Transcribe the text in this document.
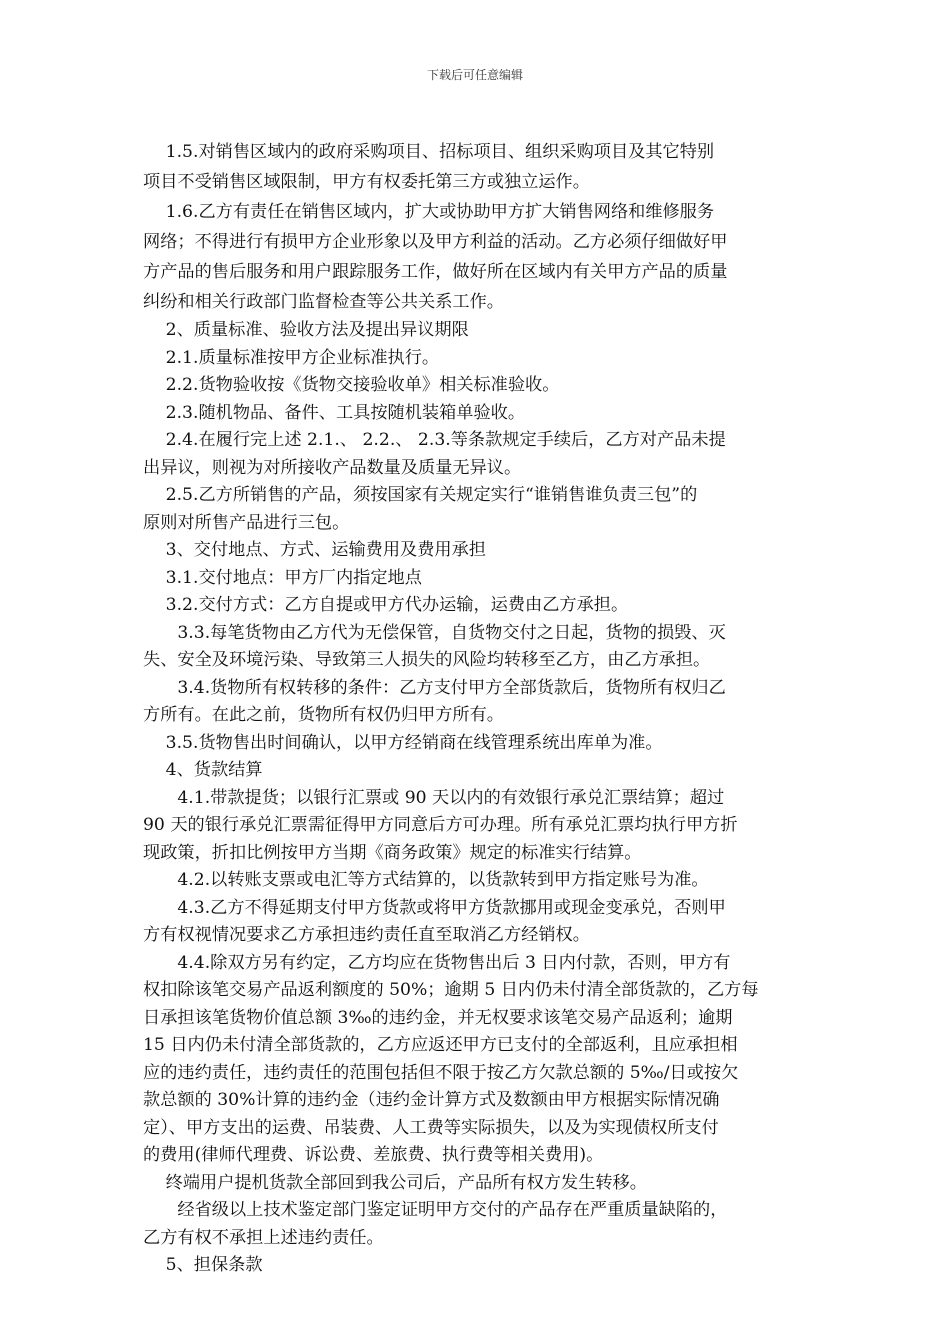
下载后可任意编辑
　 1.5.对销售区域内的政府采购项目、招标项目、组织采购项目及其它特别
项目不受销售区域限制，甲方有权委托第三方或独立运作。
　 1.6.乙方有责任在销售区域内，扩大或协助甲方扩大销售网络和维修服务
网络；不得进行有损甲方企业形象以及甲方利益的活动。乙方必须仔细做好甲
方产品的售后服务和用户跟踪服务工作，做好所在区域内有关甲方产品的质量
纠纷和相关行政部门监督检查等公共关系工作。
　 2、质量标准、验收方法及提出异议期限
　 2.1.质量标准按甲方企业标准执行。
　 2.2.货物验收按《货物交接验收单》相关标准验收。
　 2.3.随机物品、备件、工具按随机装箱单验收。
　 2.4.在履行完上述 2.1.、 2.2.、 2.3.等条款规定手续后，乙方对产品未提
出异议，则视为对所接收产品数量及质量无异议。
　 2.5.乙方所销售的产品，须按国家有关规定实行“谁销售谁负责三包”的
原则对所售产品进行三包。
　 3、交付地点、方式、运输费用及费用承担
　 3.1.交付地点：甲方厂内指定地点
　 3.2.交付方式：乙方自提或甲方代办运输，运费由乙方承担。
　　3.3.每笔货物由乙方代为无偿保管，自货物交付之日起，货物的损毁、灭
失、安全及环境污染、导致第三人损失的风险均转移至乙方，由乙方承担。
　　3.4.货物所有权转移的条件：乙方支付甲方全部货款后，货物所有权归乙
方所有。在此之前，货物所有权仍归甲方所有。
　 3.5.货物售出时间确认，以甲方经销商在线管理系统出库单为准。
　 4、货款结算
　　4.1.带款提货；以银行汇票或 90 天以内的有效银行承兑汇票结算；超过
90 天的银行承兑汇票需征得甲方同意后方可办理。所有承兑汇票均执行甲方折
现政策，折扣比例按甲方当期《商务政策》规定的标准实行结算。
　　4.2.以转账支票或电汇等方式结算的，以货款转到甲方指定账号为准。
　　4.3.乙方不得延期支付甲方货款或将甲方货款挪用或现金变承兑，否则甲
方有权视情况要求乙方承担违约责任直至取消乙方经销权。
　　4.4.除双方另有约定，乙方均应在货物售出后 3 日内付款，否则，甲方有
权扣除该笔交易产品返利额度的 50%；逾期 5 日内仍未付清全部货款的，乙方每
日承担该笔货物价值总额 3‰的违约金，并无权要求该笔交易产品返利；逾期
15 日内仍未付清全部货款的，乙方应返还甲方已支付的全部返利，且应承担相
应的违约责任，违约责任的范围包括但不限于按乙方欠款总额的 5‰/日或按欠
款总额的 30%计算的违约金（违约金计算方式及数额由甲方根据实际情况确
定）、甲方支出的运费、吊装费、人工费等实际损失，以及为实现债权所支付
的费用(律师代理费、诉讼费、差旅费、执行费等相关费用)。
　 终端用户提机货款全部回到我公司后，产品所有权方发生转移。
　　经省级以上技术鉴定部门鉴定证明甲方交付的产品存在严重质量缺陷的，
乙方有权不承担上述违约责任。
　 5、担保条款
